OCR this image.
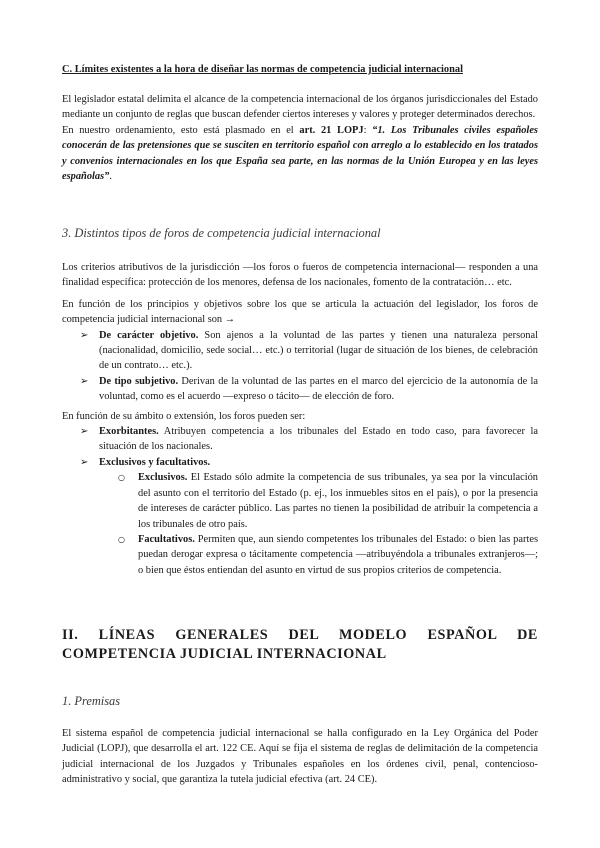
C. Límites existentes a la hora de diseñar las normas de competencia judicial internacional

El legislador estatal delimita el alcance de la competencia internacional de los órganos jurisdiccionales del Estado mediante un conjunto de reglas que buscan defender ciertos intereses y valores y proteger determinados derechos.

En nuestro ordenamiento, esto está plasmado en el art. 21 LOPJ: “1. Los Tribunales civiles españoles conocerán de las pretensiones que se susciten en territorio español con arreglo a lo establecido en los tratados y convenios internacionales en los que España sea parte, en las normas de la Unión Europea y en las leyes españolas”.

3. Distintos tipos de foros de competencia judicial internacional

Los criterios atributivos de la jurisdicción —los foros o fueros de competencia internacional— responden a una finalidad específica: protección de los menores, defensa de los nacionales, fomento de la contratación… etc.

En función de los principios y objetivos sobre los que se articula la actuación del legislador, los foros de competencia judicial internacional son →

➢ De carácter objetivo. Son ajenos a la voluntad de las partes y tienen una naturaleza personal (nacionalidad, domicilio, sede social… etc.) o territorial (lugar de situación de los bienes, de celebración de un contrato… etc.).
➢ De tipo subjetivo. Derivan de la voluntad de las partes en el marco del ejercicio de la autonomía de la voluntad, como es el acuerdo —expreso o tácito— de elección de foro.

En función de su ámbito o extensión, los foros pueden ser:

➢ Exorbitantes. Atribuyen competencia a los tribunales del Estado en todo caso, para favorecer la situación de los nacionales.
➢ Exclusivos y facultativos.
○ Exclusivos. El Estado sólo admite la competencia de sus tribunales, ya sea por la vinculación del asunto con el territorio del Estado (p. ej., los inmuebles sitos en el país), o por la presencia de intereses de carácter público. Las partes no tienen la posibilidad de atribuir la competencia a los tribunales de otro país.
○ Facultativos. Permiten que, aun siendo competentes los tribunales del Estado: o bien las partes puedan derogar expresa o tácitamente competencia —atribuyéndola a tribunales extranjeros—; o bien que éstos entiendan del asunto en virtud de sus propios criterios de competencia.

II. LÍNEAS GENERALES DEL MODELO ESPAÑOL DE COMPETENCIA JUDICIAL INTERNACIONAL

1. Premisas

El sistema español de competencia judicial internacional se halla configurado en la Ley Orgánica del Poder Judicial (LOPJ), que desarrolla el art. 122 CE. Aquí se fija el sistema de reglas de delimitación de la competencia judicial internacional de los Juzgados y Tribunales españoles en los órdenes civil, penal, contencioso-administrativo y social, que garantiza la tutela judicial efectiva (art. 24 CE).
